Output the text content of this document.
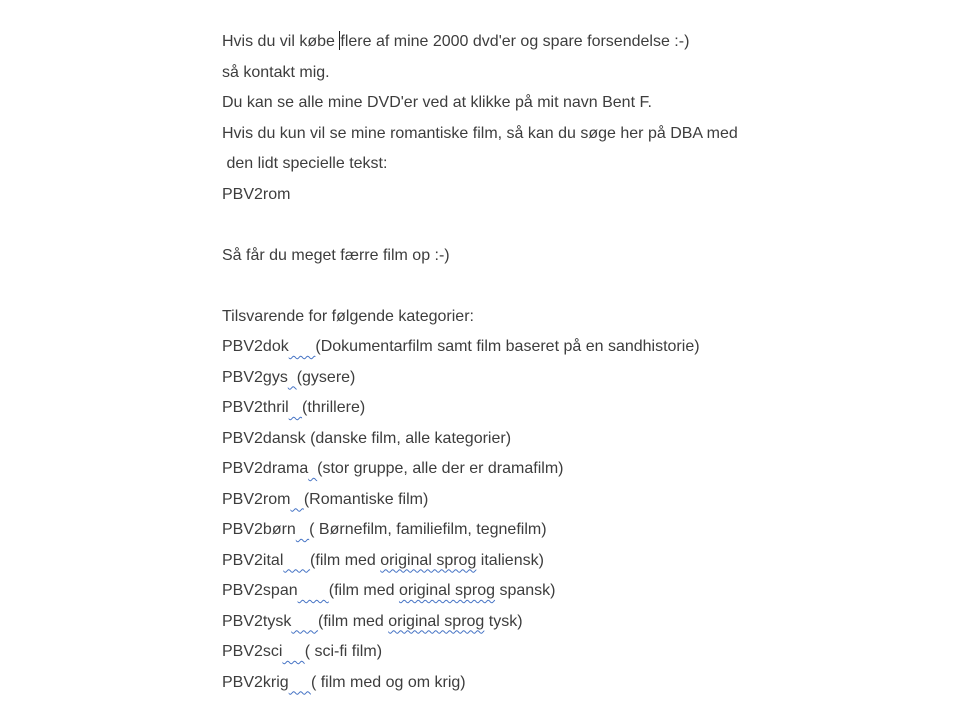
Hvis du vil købe flere af mine 2000 dvd'er og spare forsendelse :-)
så kontakt mig.
Du kan se alle mine DVD'er ved at klikke på mit navn Bent F.
Hvis du kun vil se mine romantiske film, så kan du søge her på DBA med
den lidt specielle tekst:
PBV2rom
Så får du meget færre film op :-)
Tilsvarende for følgende kategorier:
PBV2dok (Dokumentarfilm samt film baseret på en sandhistorie)
PBV2gys (gysere)
PBV2thril (thrillere)
PBV2dansk (danske film, alle kategorier)
PBV2drama (stor gruppe, alle der er dramafilm)
PBV2rom (Romantiske film)
PBV2børn ( Børnefilm, familiefilm, tegnefilm)
PBV2ital (film med original sprog italiensk)
PBV2span (film med original sprog spansk)
PBV2tysk (film med original sprog tysk)
PBV2sci ( sci-fi film)
PBV2krig ( film med og om krig)
